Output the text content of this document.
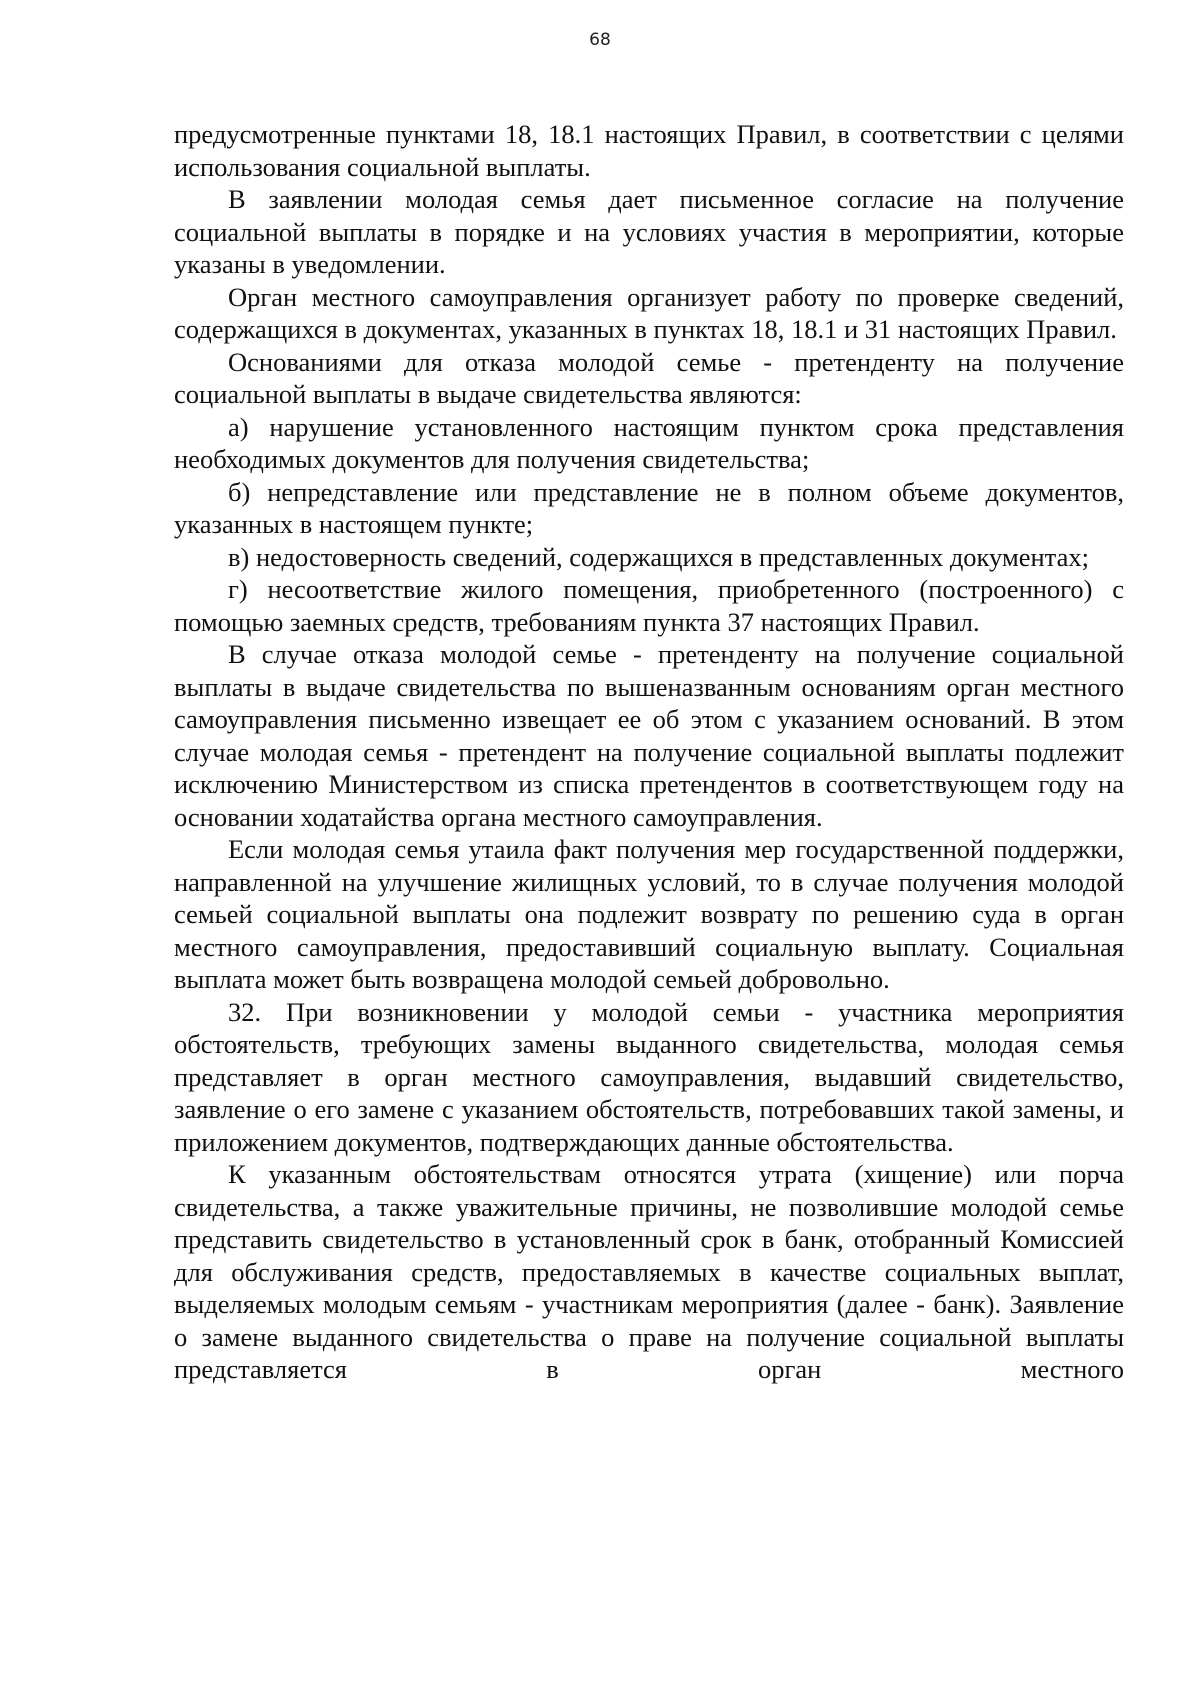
68

предусмотренные пунктами 18, 18.1 настоящих Правил, в соответствии с целями использования социальной выплаты.

В заявлении молодая семья дает письменное согласие на получение социальной выплаты в порядке и на условиях участия в мероприятии, которые указаны в уведомлении.

Орган местного самоуправления организует работу по проверке сведений, содержащихся в документах, указанных в пунктах 18, 18.1 и 31 настоящих Правил.

Основаниями для отказа молодой семье - претенденту на получение социальной выплаты в выдаче свидетельства являются:

а) нарушение установленного настоящим пунктом срока представления необходимых документов для получения свидетельства;

б) непредставление или представление не в полном объеме документов, указанных в настоящем пункте;

в) недостоверность сведений, содержащихся в представленных документах;

г) несоответствие жилого помещения, приобретенного (построенного) с помощью заемных средств, требованиям пункта 37 настоящих Правил.

В случае отказа молодой семье - претенденту на получение социальной выплаты в выдаче свидетельства по вышеназванным основаниям орган местного самоуправления письменно извещает ее об этом с указанием оснований. В этом случае молодая семья - претендент на получение социальной выплаты подлежит исключению Министерством из списка претендентов в соответствующем году на основании ходатайства органа местного самоуправления.

Если молодая семья утаила факт получения мер государственной поддержки, направленной на улучшение жилищных условий, то в случае получения молодой семьей социальной выплаты она подлежит возврату по решению суда в орган местного самоуправления, предоставивший социальную выплату. Социальная выплата может быть возвращена молодой семьей добровольно.

32. При возникновении у молодой семьи - участника мероприятия обстоятельств, требующих замены выданного свидетельства, молодая семья представляет в орган местного самоуправления, выдавший свидетельство, заявление о его замене с указанием обстоятельств, потребовавших такой замены, и приложением документов, подтверждающих данные обстоятельства.

К указанным обстоятельствам относятся утрата (хищение) или порча свидетельства, а также уважительные причины, не позволившие молодой семье представить свидетельство в установленный срок в банк, отобранный Комиссией для обслуживания средств, предоставляемых в качестве социальных выплат, выделяемых молодым семьям - участникам мероприятия (далее - банк). Заявление о замене выданного свидетельства о праве на получение социальной выплаты представляется в орган местного
